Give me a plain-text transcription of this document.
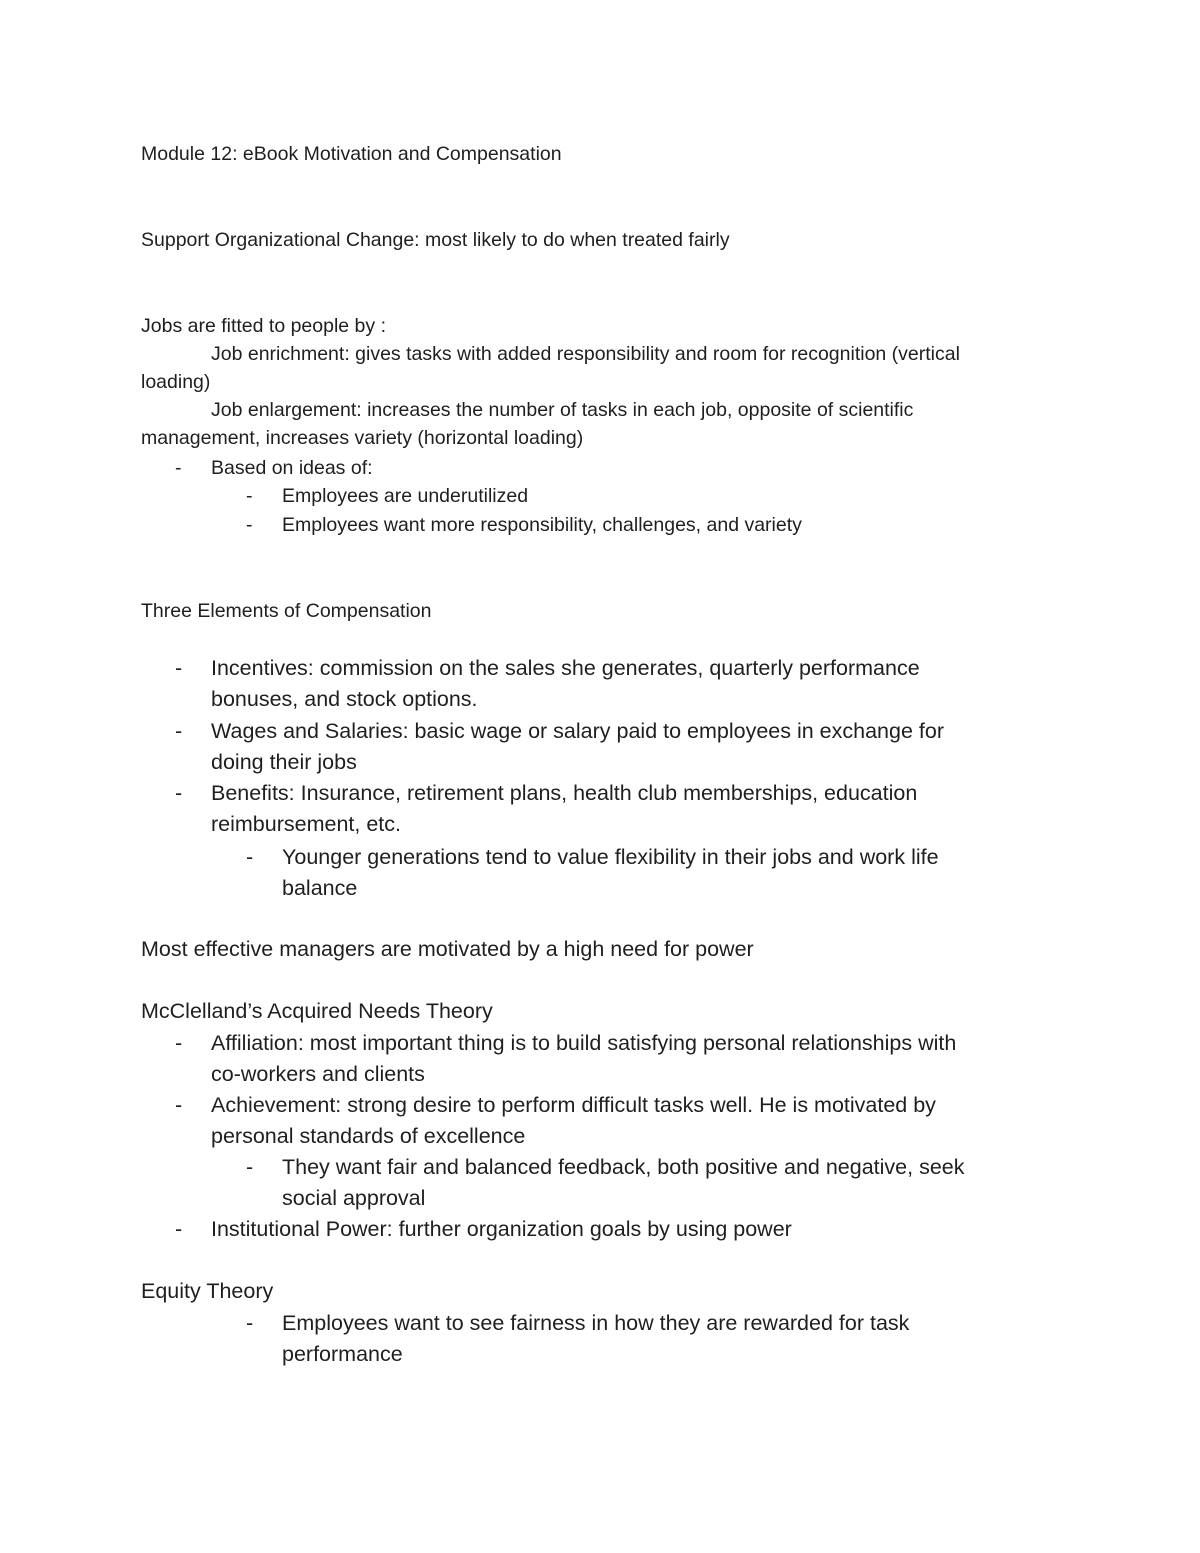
Module 12: eBook Motivation and Compensation
Support Organizational Change: most likely to do when treated fairly
Jobs are fitted to people by :
Job enrichment: gives tasks with added responsibility and room for recognition (vertical
loading)
Job enlargement: increases the number of tasks in each job, opposite of scientific
management, increases variety (horizontal loading)
- Based on ideas of:
- Employees are underutilized
- Employees want more responsibility, challenges, and variety
Three Elements of Compensation
- Incentives: commission on the sales she generates, quarterly performance
bonuses, and stock options.
- Wages and Salaries: basic wage or salary paid to employees in exchange for
doing their jobs
- Benefits: Insurance, retirement plans, health club memberships, education
reimbursement, etc.
- Younger generations tend to value flexibility in their jobs and work life
balance
Most effective managers are motivated by a high need for power
McClelland’s Acquired Needs Theory
- Affiliation: most important thing is to build satisfying personal relationships with
co-workers and clients
- Achievement: strong desire to perform difficult tasks well. He is motivated by
personal standards of excellence
- They want fair and balanced feedback, both positive and negative, seek
social approval
- Institutional Power: further organization goals by using power
Equity Theory
- Employees want to see fairness in how they are rewarded for task
performance
